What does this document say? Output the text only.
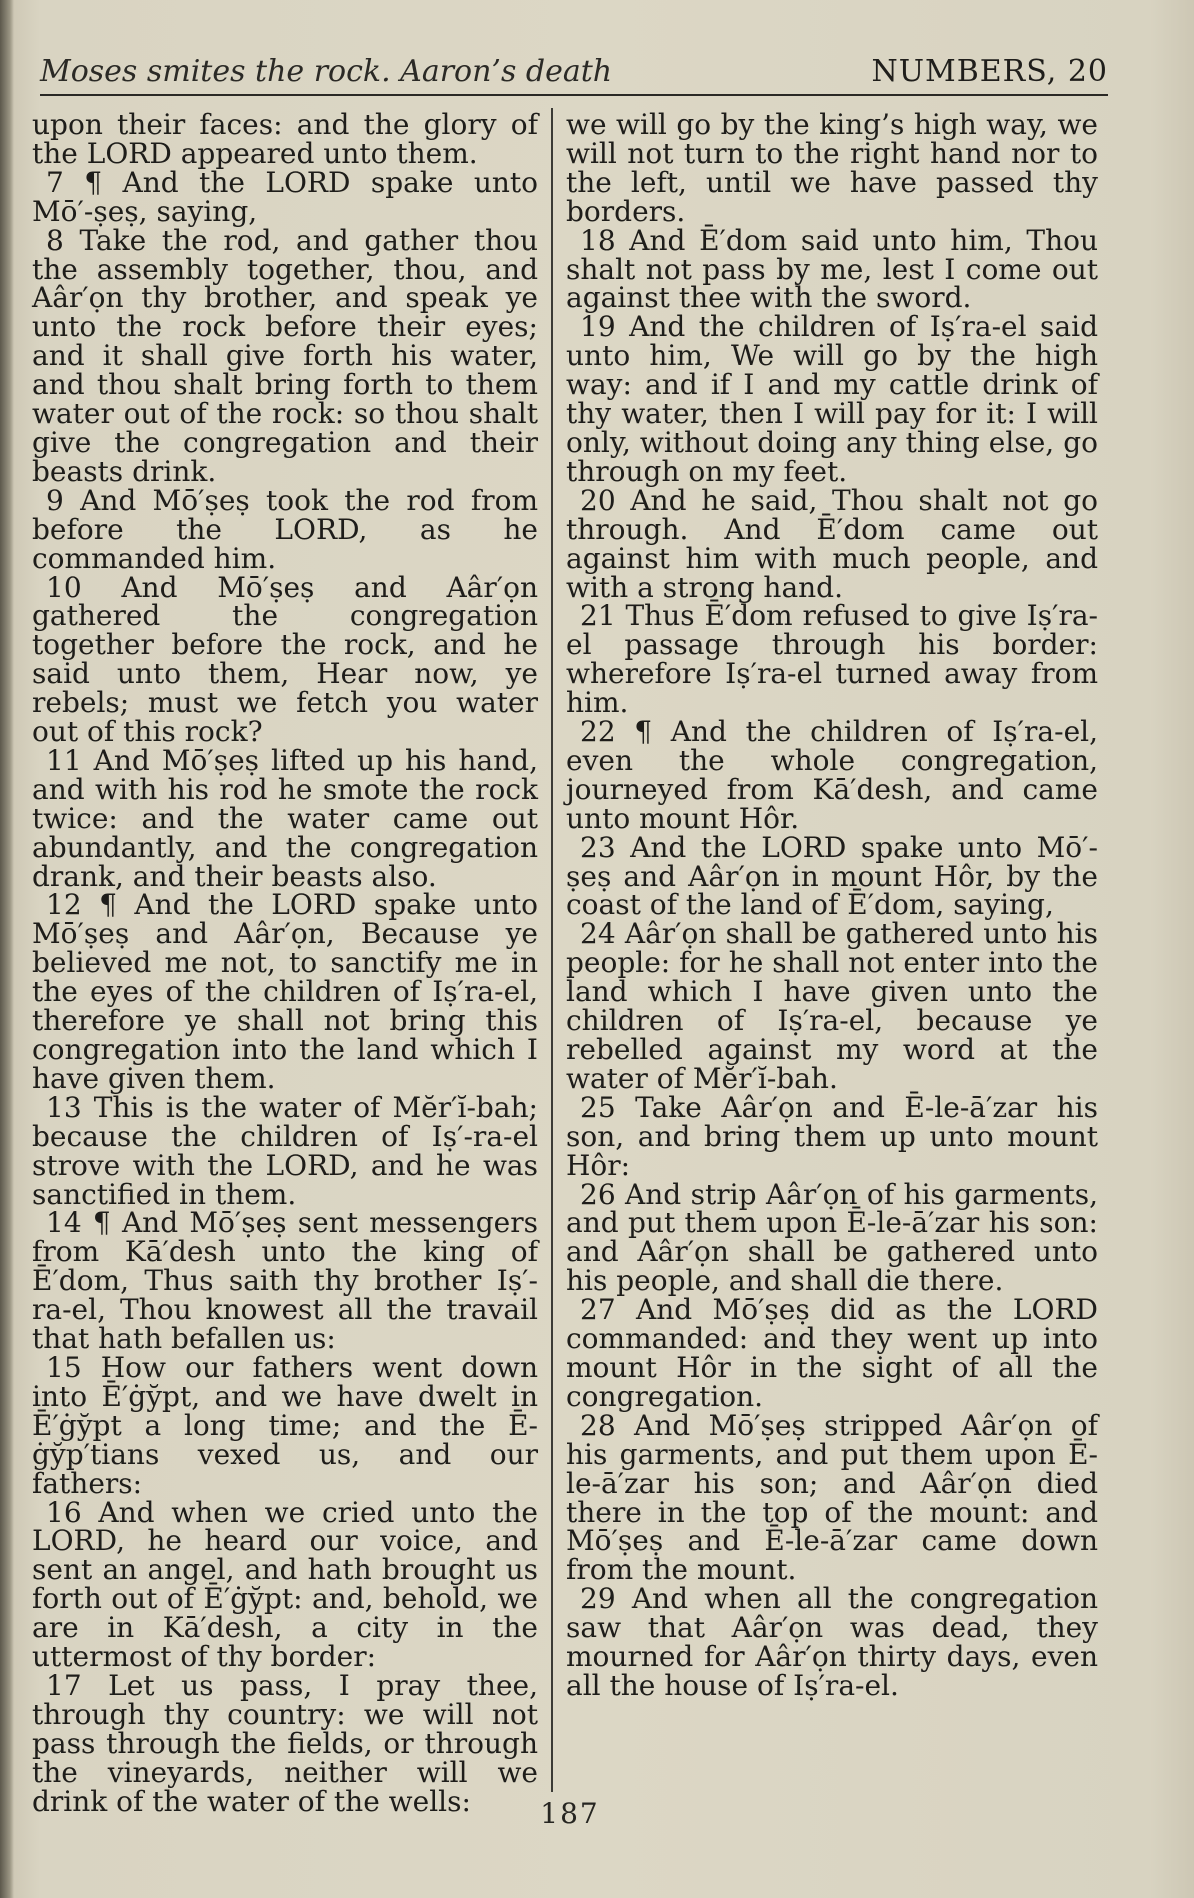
Moses smites the rock. Aaron’s death	NUMBERS, 20

upon their faces: and the glory of the LORD appeared unto them.

7 ¶ And the LORD spake unto Mō′-ṣeṣ, saying,

8 Take the rod, and gather thou the assembly together, thou, and Aâr′ọn thy brother, and speak ye unto the rock before their eyes; and it shall give forth his water, and thou shalt bring forth to them water out of the rock: so thou shalt give the congregation and their beasts drink.

9 And Mō′ṣeṣ took the rod from before the LORD, as he commanded him.

10 And Mō′ṣeṣ and Aâr′ọn gathered the congregation together before the rock, and he said unto them, Hear now, ye rebels; must we fetch you water out of this rock?

11 And Mō′ṣeṣ lifted up his hand, and with his rod he smote the rock twice: and the water came out abundantly, and the congregation drank, and their beasts also.

12 ¶ And the LORD spake unto Mō′ṣeṣ and Aâr′ọn, Because ye believed me not, to sanctify me in the eyes of the children of Iṣ′ra-el, therefore ye shall not bring this congregation into the land which I have given them.

13 This is the water of Mĕr′ĭ-bah; because the children of Iṣ′-ra-el strove with the LORD, and he was sanctified in them.

14 ¶ And Mō′ṣeṣ sent messengers from Kā′desh unto the king of Ē′dom, Thus saith thy brother Iṣ′-ra-el, Thou knowest all the travail that hath befallen us:

15 How our fathers went down into Ē′ġy̆pt, and we have dwelt in Ē′ġy̆pt a long time; and the Ē-ġy̆p′tians vexed us, and our fathers:

16 And when we cried unto the LORD, he heard our voice, and sent an angel, and hath brought us forth out of Ē′ġy̆pt: and, behold, we are in Kā′desh, a city in the uttermost of thy border:

17 Let us pass, I pray thee, through thy country: we will not pass through the fields, or through the vineyards, neither will we drink of the water of the wells:

we will go by the king’s high way, we will not turn to the right hand nor to the left, until we have passed thy borders.

18 And Ē′dom said unto him, Thou shalt not pass by me, lest I come out against thee with the sword.

19 And the children of Iṣ′ra-el said unto him, We will go by the high way: and if I and my cattle drink of thy water, then I will pay for it: I will only, without doing any thing else, go through on my feet.

20 And he said, Thou shalt not go through. And Ē′dom came out against him with much people, and with a strong hand.

21 Thus Ē′dom refused to give Iṣ′ra-el passage through his border: wherefore Iṣ′ra-el turned away from him.

22 ¶ And the children of Iṣ′ra-el, even the whole congregation, journeyed from Kā′desh, and came unto mount Hôr.

23 And the LORD spake unto Mō′-ṣeṣ and Aâr′ọn in mount Hôr, by the coast of the land of Ē′dom, saying,

24 Aâr′ọn shall be gathered unto his people: for he shall not enter into the land which I have given unto the children of Iṣ′ra-el, because ye rebelled against my word at the water of Mĕr′ĭ-bah.

25 Take Aâr′ọn and Ē-le-ā′zar his son, and bring them up unto mount Hôr:

26 And strip Aâr′ọn of his garments, and put them upon Ē-le-ā′zar his son: and Aâr′ọn shall be gathered unto his people, and shall die there.

27 And Mō′ṣeṣ did as the LORD commanded: and they went up into mount Hôr in the sight of all the congregation.

28 And Mō′ṣeṣ stripped Aâr′ọn of his garments, and put them upon Ē-le-ā′zar his son; and Aâr′ọn died there in the top of the mount: and Mō′ṣeṣ and Ē-le-ā′zar came down from the mount.

29 And when all the congregation saw that Aâr′ọn was dead, they mourned for Aâr′ọn thirty days, even all the house of Iṣ′ra-el.

187
